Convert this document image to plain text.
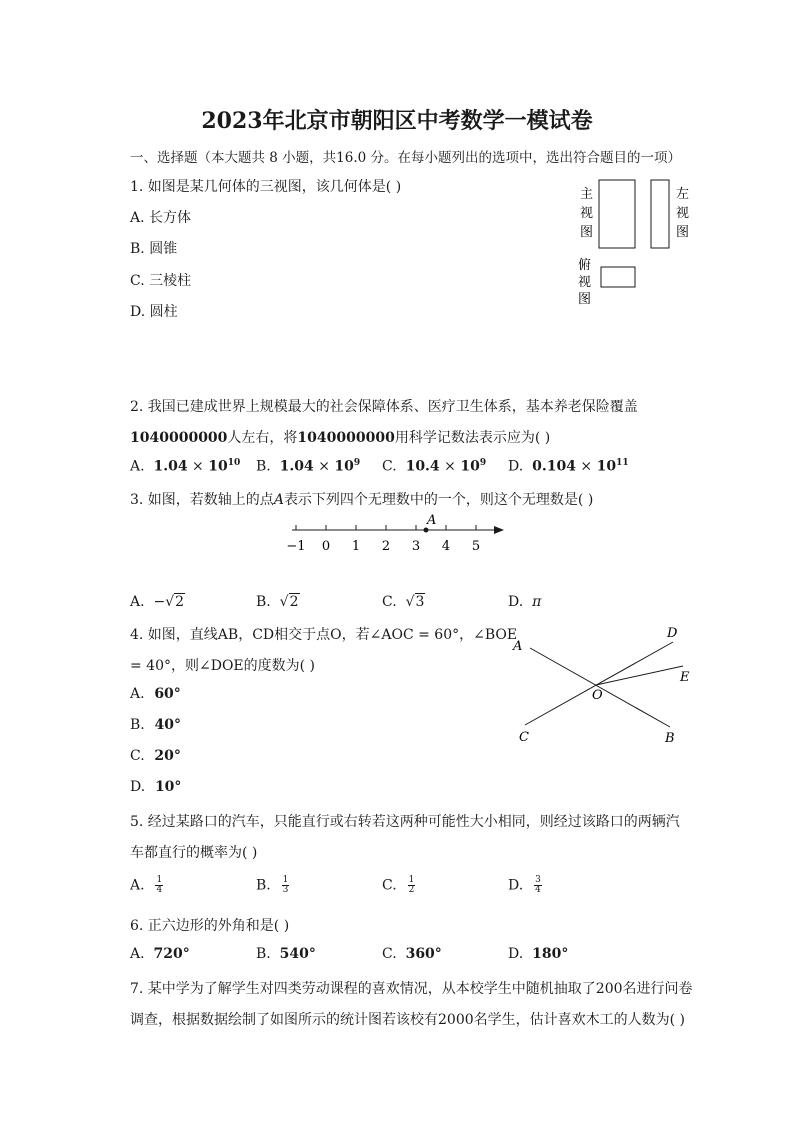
2023年北京市朝阳区中考数学一模试卷
一、选择题（本大题共 8 小题，共16.0 分。在每小题列出的选项中，选出符合题目的一项）
1. 如图是某几何体的三视图，该几何体是( )
A. 长方体
B. 圆锥
C. 三棱柱
D. 圆柱
主
视
图
左
视
图
俯
视
图
2. 我国已建成世界上规模最大的社会保障体系、医疗卫生体系，基本养老保险覆盖
1040000000人左右，将1040000000用科学记数法表示应为( )
A. $1.04 \times 10^{10}$ B. $1.04 \times 10^9$ C. $10.4 \times 10^9$ D. $0.104 \times 10^{11}$
3. 如图，若数轴上的点A表示下列四个无理数中的一个，则这个无理数是( )
−1 0 1 2 3 4 5
A
A. −√2	B. √2	C. √3	D. π
4. 如图，直线AB，CD相交于点O，若∠AOC = 60°，∠BOE
= 40°，则∠DOE的度数为( )
A. 60°
B. 40°
C. 20°
D. 10°
A
B
C
D
E
O
5. 经过某路口的汽车，只能直行或右转若这两种可能性大小相同，则经过该路口的两辆汽
车都直行的概率为( )
A. $\frac{1}{4}$	B. $\frac{1}{3}$	C. $\frac{1}{2}$	D. $\frac{3}{4}$
6. 正六边形的外角和是( )
A. 720°	B. 540°	C. 360°	D. 180°
7. 某中学为了解学生对四类劳动课程的喜欢情况，从本校学生中随机抽取了200名进行问卷
调查，根据数据绘制了如图所示的统计图若该校有2000名学生，估计喜欢木工的人数为( )
